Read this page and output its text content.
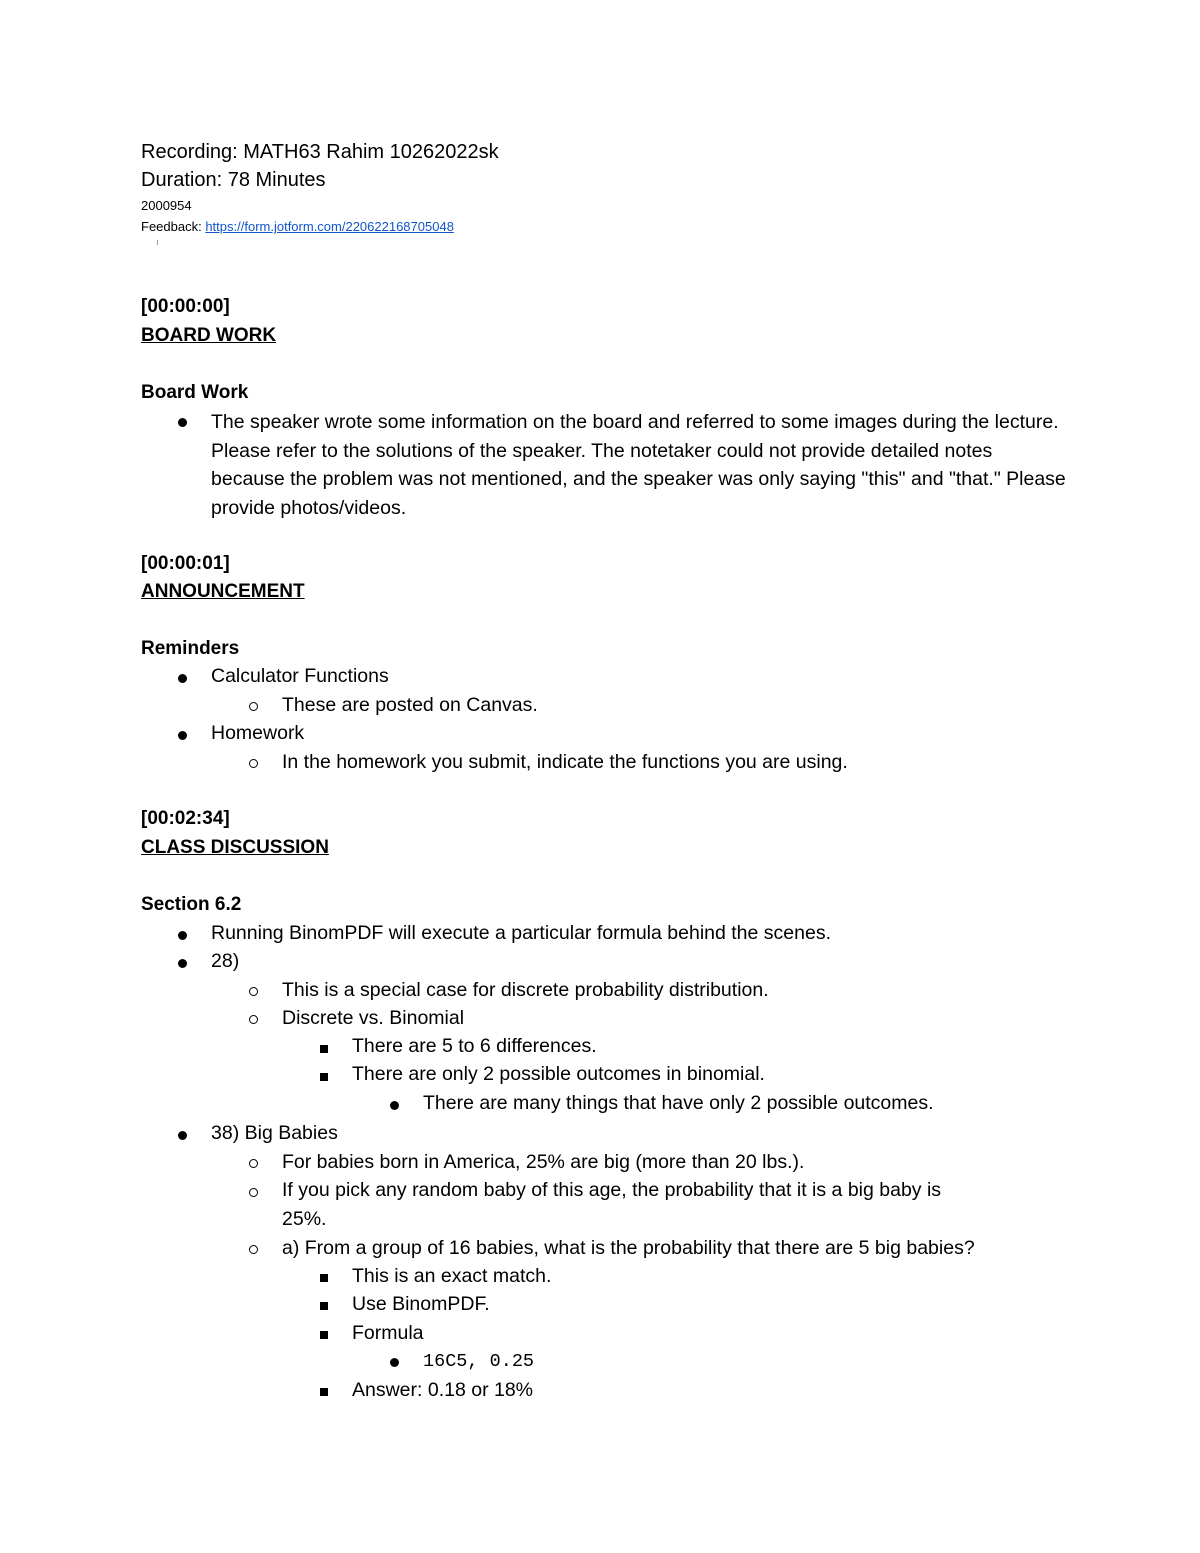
Recording: MATH63 Rahim 10262022sk
Duration: 78 Minutes
2000954
Feedback: https://form.jotform.com/220622168705048
[00:00:00]
BOARD WORK
Board Work
The speaker wrote some information on the board and referred to some images during the lecture. Please refer to the solutions of the speaker. The notetaker could not provide detailed notes because the problem was not mentioned, and the speaker was only saying "this" and "that." Please provide photos/videos.
[00:00:01]
ANNOUNCEMENT
Reminders
Calculator Functions
These are posted on Canvas.
Homework
In the homework you submit, indicate the functions you are using.
[00:02:34]
CLASS DISCUSSION
Section 6.2
Running BinomPDF will execute a particular formula behind the scenes.
28)
This is a special case for discrete probability distribution.
Discrete vs. Binomial
There are 5 to 6 differences.
There are only 2 possible outcomes in binomial.
There are many things that have only 2 possible outcomes.
38) Big Babies
For babies born in America, 25% are big (more than 20 lbs.).
If you pick any random baby of this age, the probability that it is a big baby is
25%.
a) From a group of 16 babies, what is the probability that there are 5 big babies?
This is an exact match.
Use BinomPDF.
Formula
16C5, 0.25
Answer: 0.18 or 18%
